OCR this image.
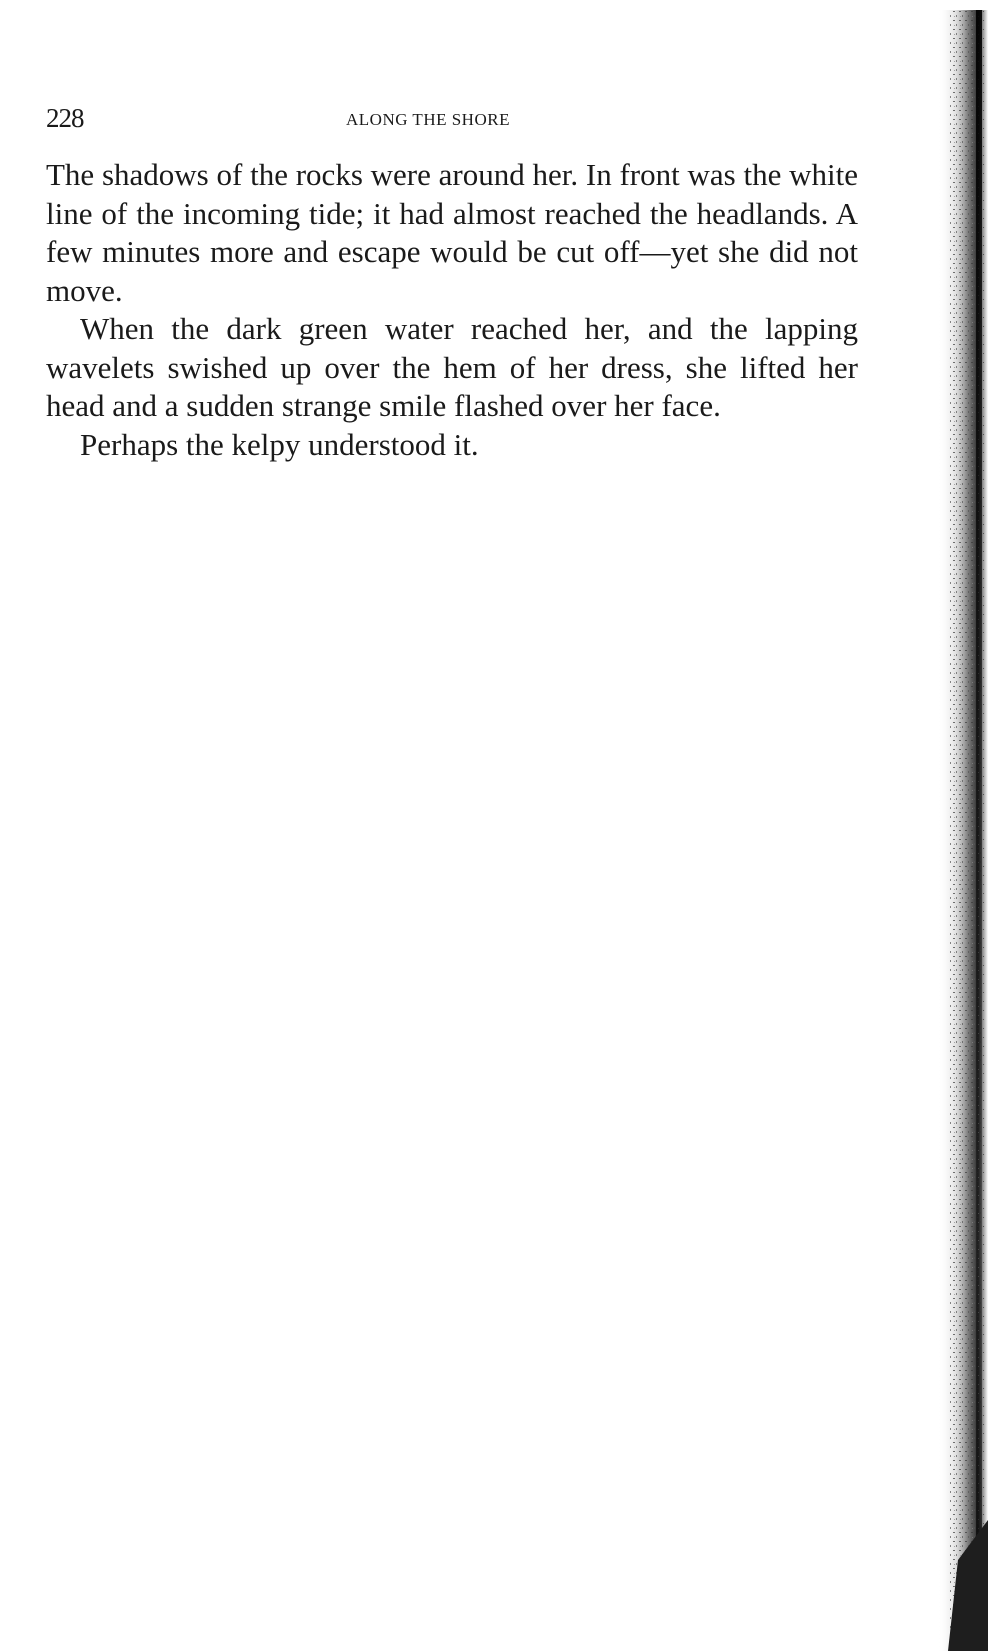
228	ALONG THE SHORE

The shadows of the rocks were around her. In front was the white line of the incoming tide; it had almost reached the headlands. A few minutes more and escape would be cut off—yet she did not move.

When the dark green water reached her, and the lapping wavelets swished up over the hem of her dress, she lifted her head and a sudden strange smile flashed over her face.

Perhaps the kelpy understood it.
